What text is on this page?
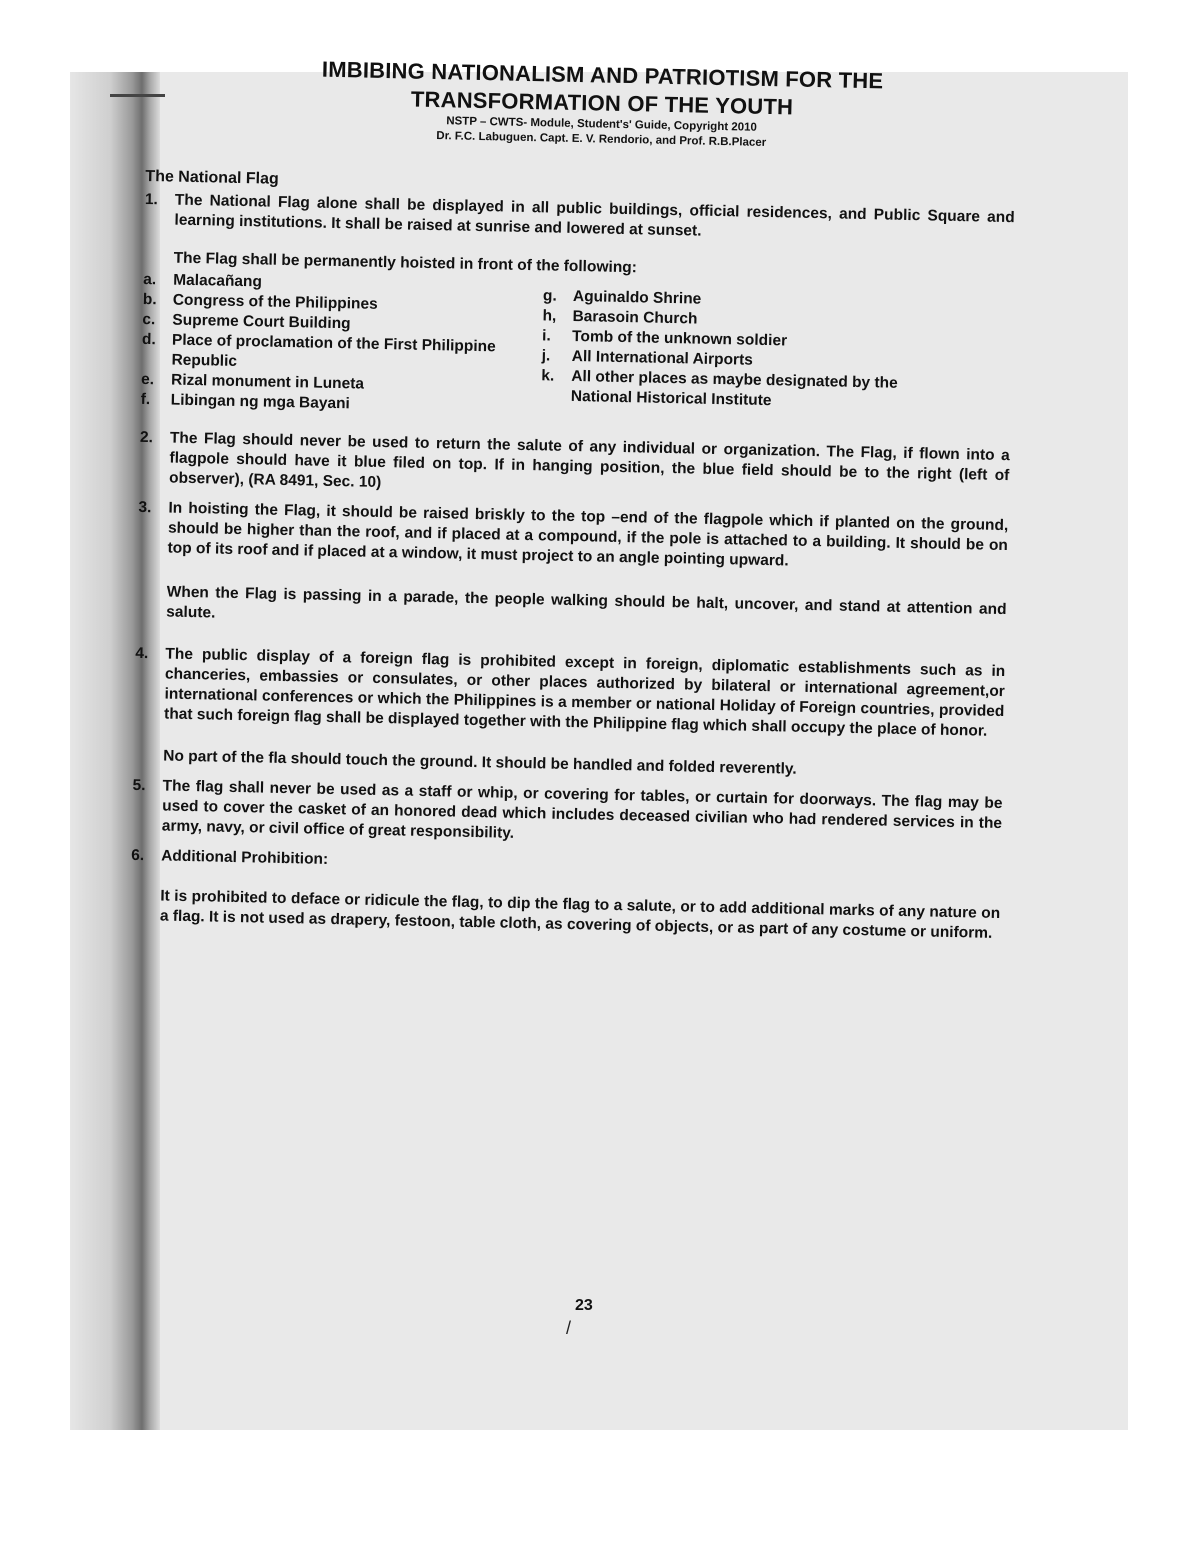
IMBIBING NATIONALISM AND PATRIOTISM FOR THE

TRANSFORMATION OF THE YOUTH

NSTP – CWTS- Module, Student's' Guide, Copyright 2010

Dr. F.C. Labuguen. Capt. E. V. Rendorio, and Prof. R.B.Placer

The National Flag
1.	The National Flag alone shall be displayed in all public buildings, official residences, and Public Square and learning institutions. It shall be raised at sunrise and lowered at sunset.
The Flag shall be permanently hoisted in front of the following:
a.	Malacañang
b.	Congress of the Philippines
c.	Supreme Court Building
d.	Place of proclamation of the First Philippine Republic
e.	Rizal monument in Luneta
f.	Libingan ng mga Bayani
g.	Aguinaldo Shrine
h,	Barasoin Church
i.	Tomb of the unknown soldier
j.	All International Airports
k.	All other places as maybe designated by the National Historical Institute
2.	The Flag should never be used to return the salute of any individual or organization. The Flag, if flown into a flagpole should have it blue filed on top. If in hanging position, the blue field should be to the right (left of observer), (RA 8491, Sec. 10)
3.	In hoisting the Flag, it should be raised briskly to the top –end of the flagpole which if planted on the ground, should be higher than the roof, and if placed at a compound, if the pole is attached to a building. It should be on top of its roof and if placed at a window, it must project to an angle pointing upward.
When the Flag is passing in a parade, the people walking should be halt, uncover, and stand at attention and salute.
4.	The public display of a foreign flag is prohibited except in foreign, diplomatic establishments such as in chanceries, embassies or consulates, or other places authorized by bilateral or international agreement,or international conferences or which the Philippines is a member or national Holiday of Foreign countries, provided that such foreign flag shall be displayed together with the Philippine flag which shall occupy the place of honor.
No part of the fla should touch the ground. It should be handled and folded reverently.
5.	The flag shall never be used as a staff or whip, or covering for tables, or curtain for doorways. The flag may be used to cover the casket of an honored dead which includes deceased civilian who had rendered services in the army, navy, or civil office of great responsibility.
6.	Additional Prohibition:
It is prohibited to deface or ridicule the flag, to dip the flag to a salute, or to add additional marks of any nature on a flag. It is not used as drapery, festoon, table cloth, as covering of objects, or as part of any costume or uniform.
23
/
